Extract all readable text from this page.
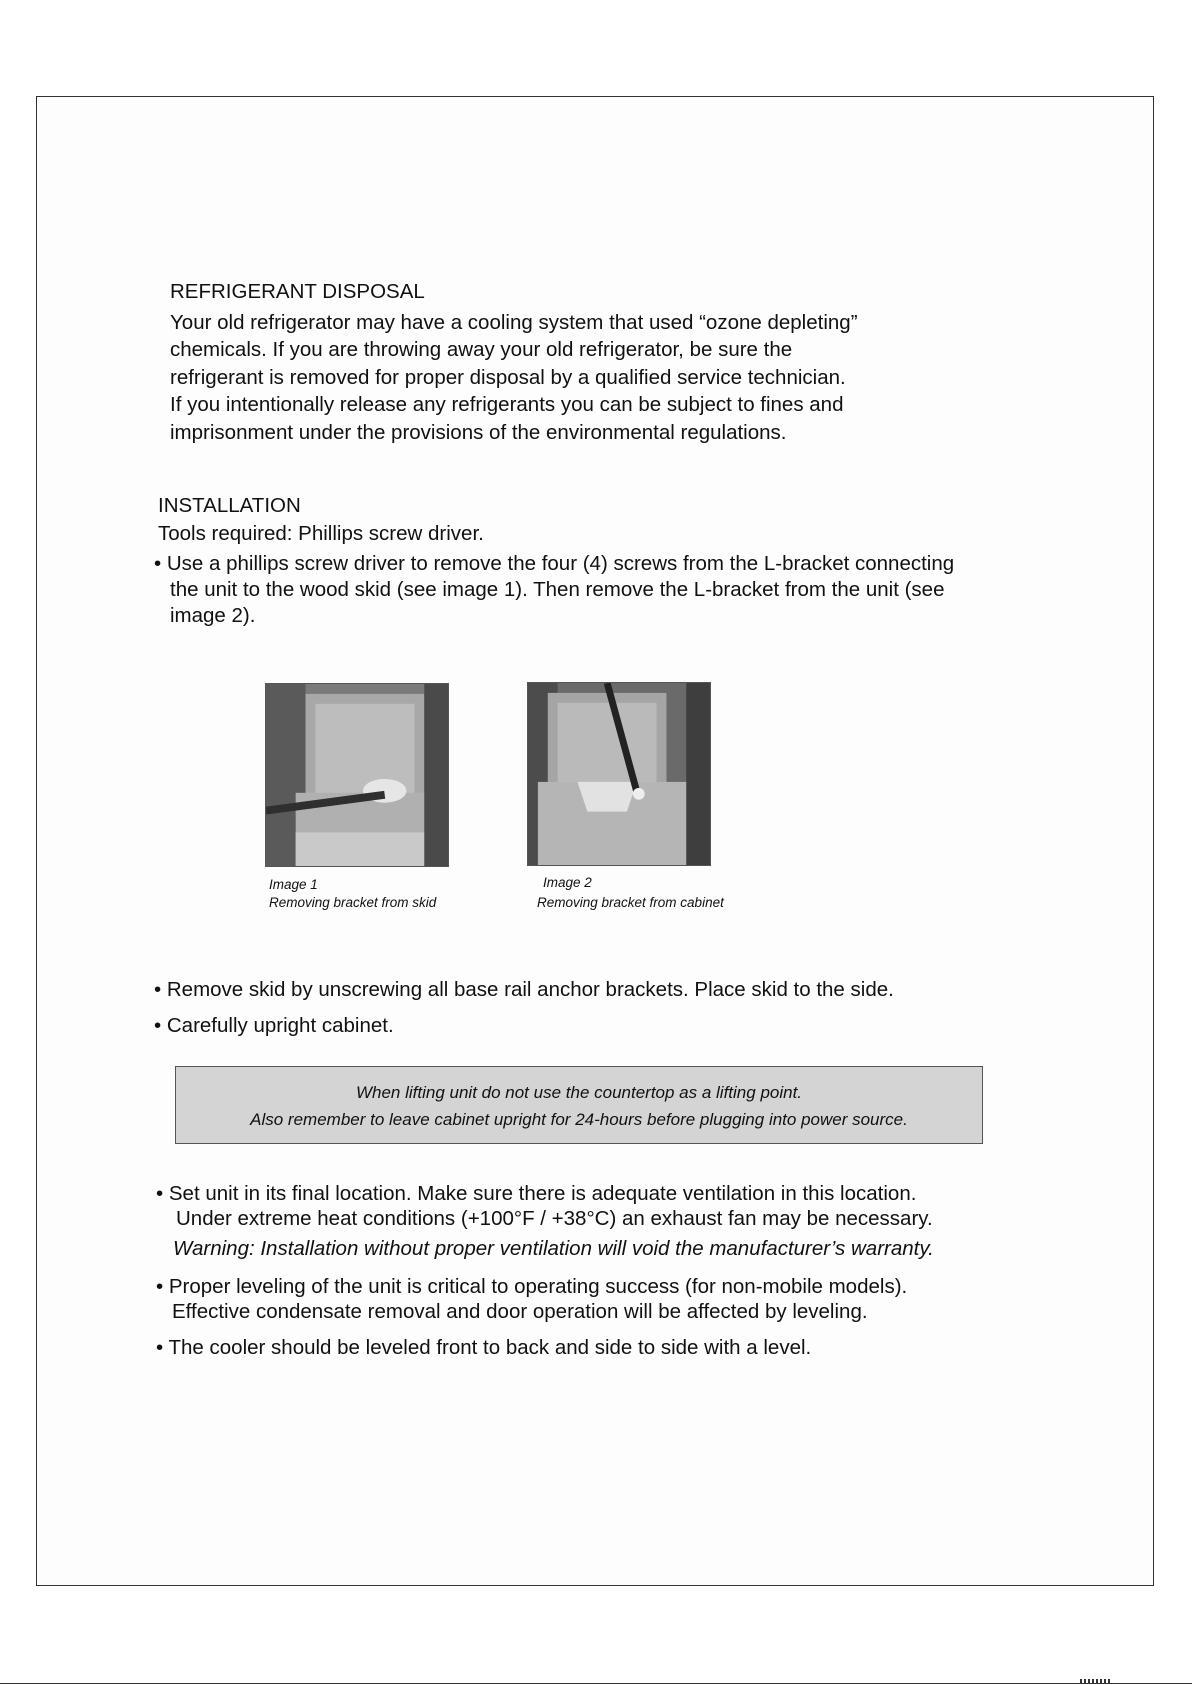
REFRIGERANT DISPOSAL
Your old refrigerator may have a cooling system that used “ozone depleting”
chemicals. If you are throwing away your old refrigerator, be sure the
refrigerant is removed for proper disposal by a qualified service technician.
If you intentionally release any refrigerants you can be subject to fines and
imprisonment under the provisions of the environmental regulations.
INSTALLATION
Tools required: Phillips screw driver.
• Use a phillips screw driver to remove the four (4) screws from the L-bracket connecting
the unit to the wood skid (see image 1). Then remove the L-bracket from the unit (see
image 2).
Image 1
Removing bracket from skid
Image 2
Removing bracket from cabinet
• Remove skid by unscrewing all base rail anchor brackets. Place skid to the side.
• Carefully upright cabinet.
When lifting unit do not use the countertop as a lifting point.
Also remember to leave cabinet upright for 24-hours before plugging into power source.
• Set unit in its final location. Make sure there is adequate ventilation in this location.
Under extreme heat conditions (+100°F / +38°C) an exhaust fan may be necessary.
Warning: Installation without proper ventilation will void the manufacturer’s warranty.
• Proper leveling of the unit is critical to operating success (for non-mobile models).
Effective condensate removal and door operation will be affected by leveling.
• The cooler should be leveled front to back and side to side with a level.
